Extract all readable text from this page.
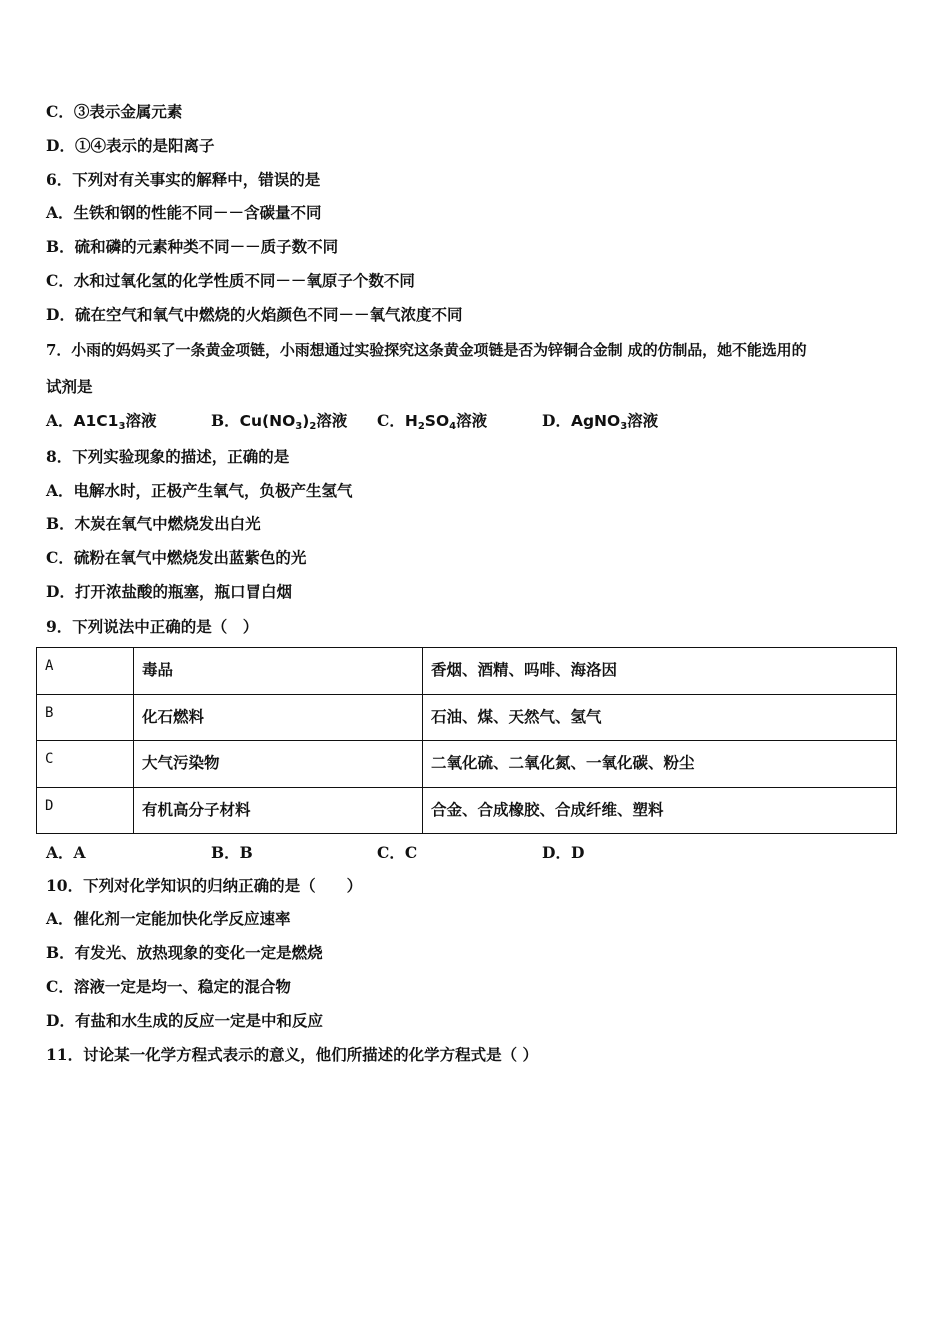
C．③表示金属元素
D．①④表示的是阳离子
6．下列对有关事实的解释中，错误的是
A．生铁和钢的性能不同－－含碳量不同
B．硫和磷的元素种类不同－－质子数不同
C．水和过氧化氢的化学性质不同－－氧原子个数不同
D．硫在空气和氧气中燃烧的火焰颜色不同－－氧气浓度不同
7．小雨的妈妈买了一条黄金项链，小雨想通过实验探究这条黄金项链是否为锌铜合金制 成的仿制品，她不能选用的
试剂是
A．$A1C1_3$溶液	B．$Cu(NO_3)_2$溶液 C．$H_2SO_4$溶液	D．AgNO$_3$溶液
8．下列实验现象的描述，正确的是
A．电解水时，正极产生氧气，负极产生氢气
B．木炭在氧气中燃烧发出白光
C．硫粉在氧气中燃烧发出蓝紫色的光
D．打开浓盐酸的瓶塞，瓶口冒白烟
9．下列说法中正确的是（　）
A	毒品	香烟、酒精、吗啡、海洛因
B	化石燃料	石油、煤、天然气、氢气
C	大气污染物	二氧化硫、二氧化氮、一氧化碳、粉尘
D	有机高分子材料	合金、合成橡胶、合成纤维、塑料
A．A	B．B	C．C	D．D
10．下列对化学知识的归纳正确的是（　　）
A．催化剂一定能加快化学反应速率
B．有发光、放热现象的变化一定是燃烧
C．溶液一定是均一、稳定的混合物
D．有盐和水生成的反应一定是中和反应
11．讨论某一化学方程式表示的意义，他们所描述的化学方程式是（ ）
